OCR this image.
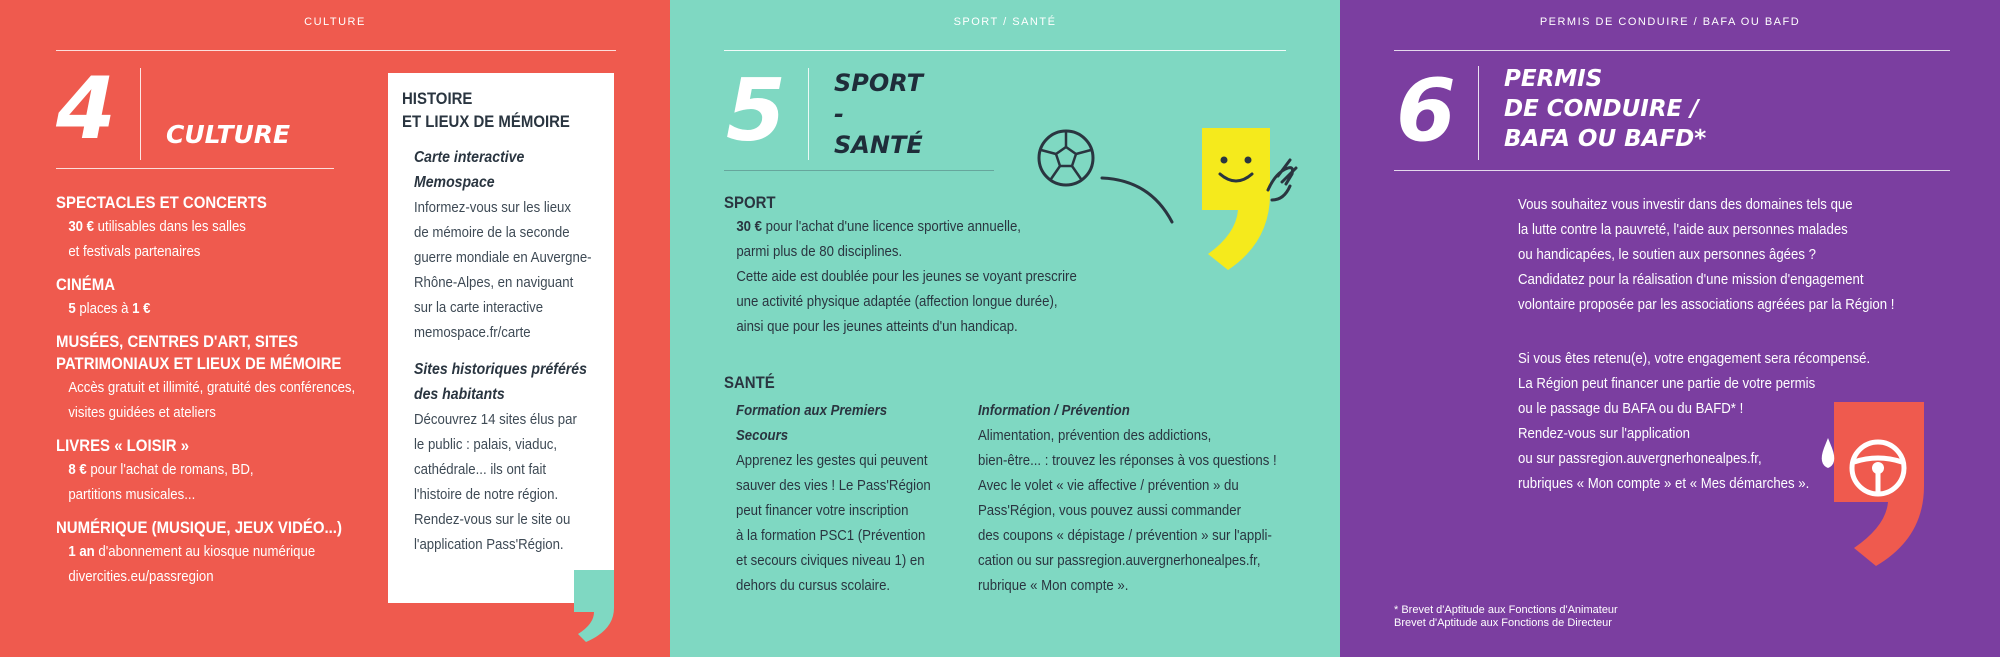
CULTURE
4 CULTURE
SPECTACLES ET CONCERTS
30 € utilisables dans les salles
et festivals partenaires
CINÉMA
5 places à 1 €
MUSÉES, CENTRES D'ART, SITES
PATRIMONIAUX ET LIEUX DE MÉMOIRE
Accès gratuit et illimité, gratuité des conférences,
visites guidées et ateliers
LIVRES « LOISIR »
8 € pour l'achat de romans, BD,
partitions musicales...
NUMÉRIQUE (MUSIQUE, JEUX VIDÉO...)
1 an d'abonnement au kiosque numérique
divercities.eu/passregion
HISTOIRE
ET LIEUX DE MÉMOIRE
Carte interactive
Memospace
Informez-vous sur les lieux
de mémoire de la seconde
guerre mondiale en Auvergne-
Rhône-Alpes, en naviguant
sur la carte interactive
memospace.fr/carte
Sites historiques préférés
des habitants
Découvrez 14 sites élus par
le public : palais, viaduc,
cathédrale... ils ont fait
l'histoire de notre région.
Rendez-vous sur le site ou
l'application Pass'Région.
SPORT / SANTÉ
5 SPORT
-
SANTÉ
SPORT
30 € pour l'achat d'une licence sportive annuelle,
parmi plus de 80 disciplines.
Cette aide est doublée pour les jeunes se voyant prescrire
une activité physique adaptée (affection longue durée),
ainsi que pour les jeunes atteints d'un handicap.
SANTÉ
Formation aux Premiers
Secours
Apprenez les gestes qui peuvent
sauver des vies ! Le Pass'Région
peut financer votre inscription
à la formation PSC1 (Prévention
et secours civiques niveau 1) en
dehors du cursus scolaire.
Information / Prévention
Alimentation, prévention des addictions,
bien-être... : trouvez les réponses à vos questions !
Avec le volet « vie affective / prévention » du
Pass'Région, vous pouvez aussi commander
des coupons « dépistage / prévention » sur l'appli-
cation ou sur passregion.auvergnerhonealpes.fr,
rubrique « Mon compte ».
PERMIS DE CONDUIRE / BAFA OU BAFD
6 PERMIS
DE CONDUIRE /
BAFA OU BAFD*
Vous souhaitez vous investir dans des domaines tels que
la lutte contre la pauvreté, l'aide aux personnes malades
ou handicapées, le soutien aux personnes âgées ?
Candidatez pour la réalisation d'une mission d'engagement
volontaire proposée par les associations agréées par la Région !
Si vous êtes retenu(e), votre engagement sera récompensé.
La Région peut financer une partie de votre permis
ou le passage du BAFA ou du BAFD* !
Rendez-vous sur l'application
ou sur passregion.auvergnerhonealpes.fr,
rubriques « Mon compte » et « Mes démarches ».
* Brevet d'Aptitude aux Fonctions d'Animateur
Brevet d'Aptitude aux Fonctions de Directeur
